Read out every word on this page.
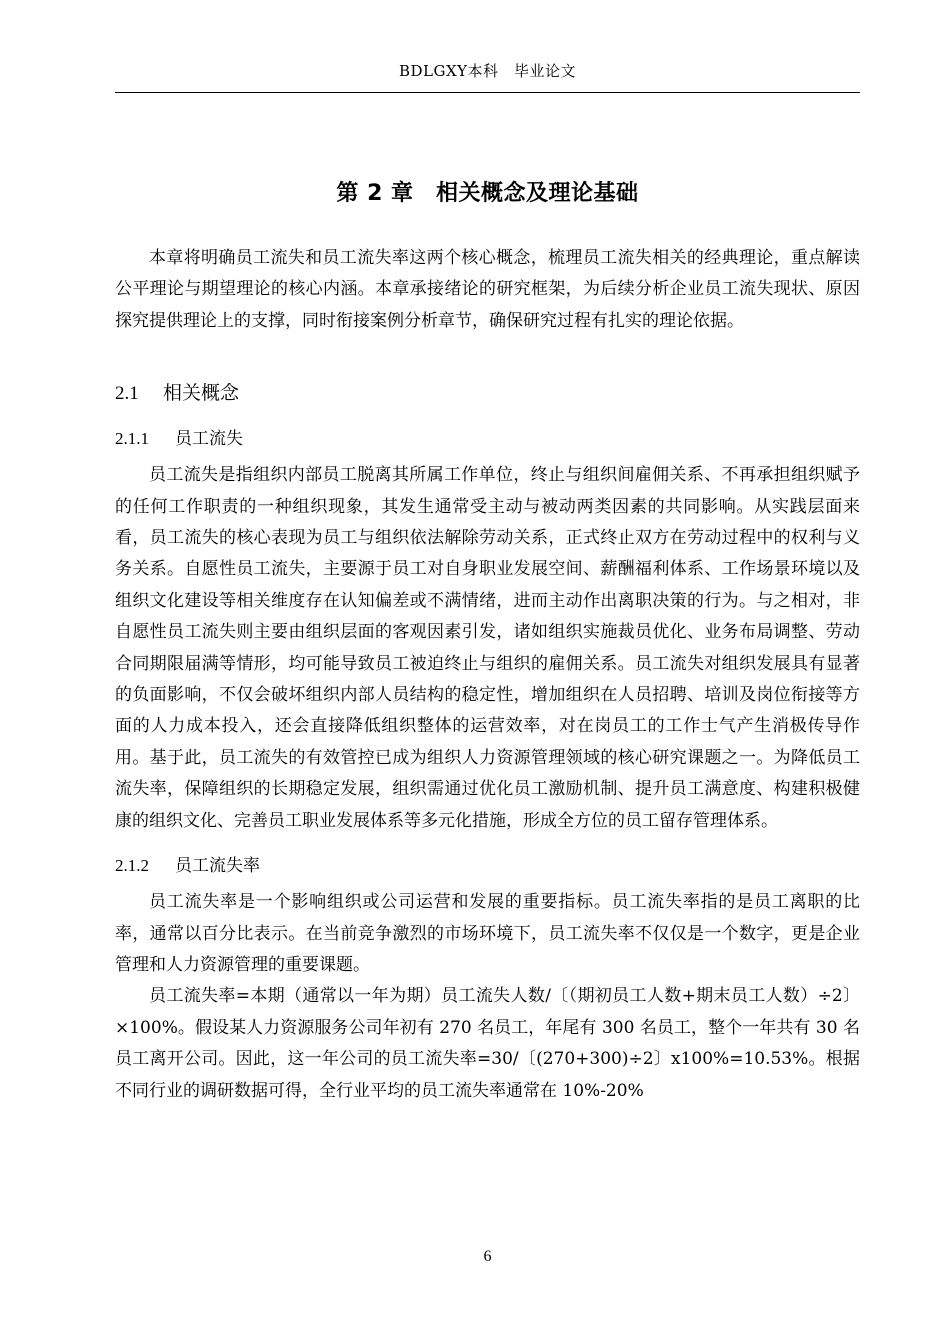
BDLGXY本科　毕业论文
第 2 章　相关概念及理论基础

本章将明确员工流失和员工流失率这两个核心概念，梳理员工流失相关的经典理论，重点解读公平理论与期望理论的核心内涵。本章承接绪论的研究框架，为后续分析企业员工流失现状、原因探究提供理论上的支撑，同时衔接案例分析章节，确保研究过程有扎实的理论依据。

2.1 相关概念
2.1.1 员工流失

员工流失是指组织内部员工脱离其所属工作单位，终止与组织间雇佣关系、不再承担组织赋予的任何工作职责的一种组织现象，其发生通常受主动与被动两类因素的共同影响。从实践层面来看，员工流失的核心表现为员工与组织依法解除劳动关系，正式终止双方在劳动过程中的权利与义务关系。自愿性员工流失，主要源于员工对自身职业发展空间、薪酬福利体系、工作场景环境以及组织文化建设等相关维度存在认知偏差或不满情绪，进而主动作出离职决策的行为。与之相对，非自愿性员工流失则主要由组织层面的客观因素引发，诸如组织实施裁员优化、业务布局调整、劳动合同期限届满等情形，均可能导致员工被迫终止与组织的雇佣关系。员工流失对组织发展具有显著的负面影响，不仅会破坏组织内部人员结构的稳定性，增加组织在人员招聘、培训及岗位衔接等方面的人力成本投入，还会直接降低组织整体的运营效率，对在岗员工的工作士气产生消极传导作用。基于此，员工流失的有效管控已成为组织人力资源管理领域的核心研究课题之一。为降低员工流失率，保障组织的长期稳定发展，组织需通过优化员工激励机制、提升员工满意度、构建积极健康的组织文化、完善员工职业发展体系等多元化措施，形成全方位的员工留存管理体系。

2.1.2 员工流失率

员工流失率是一个影响组织或公司运营和发展的重要指标。员工流失率指的是员工离职的比率，通常以百分比表示。在当前竞争激烈的市场环境下，员工流失率不仅仅是一个数字，更是企业管理和人力资源管理的重要课题。

员工流失率=本期（通常以一年为期）员工流失人数/〔（期初员工人数+期末员工人数）÷2〕×100%。假设某人力资源服务公司年初有 270 名员工，年尾有 300 名员工，整个一年共有 30 名员工离开公司。因此，这一年公司的员工流失率=30/〔(270+300)÷2〕x100%=10.53%。根据不同行业的调研数据可得，全行业平均的员工流失率通常在 10%-20%

6
